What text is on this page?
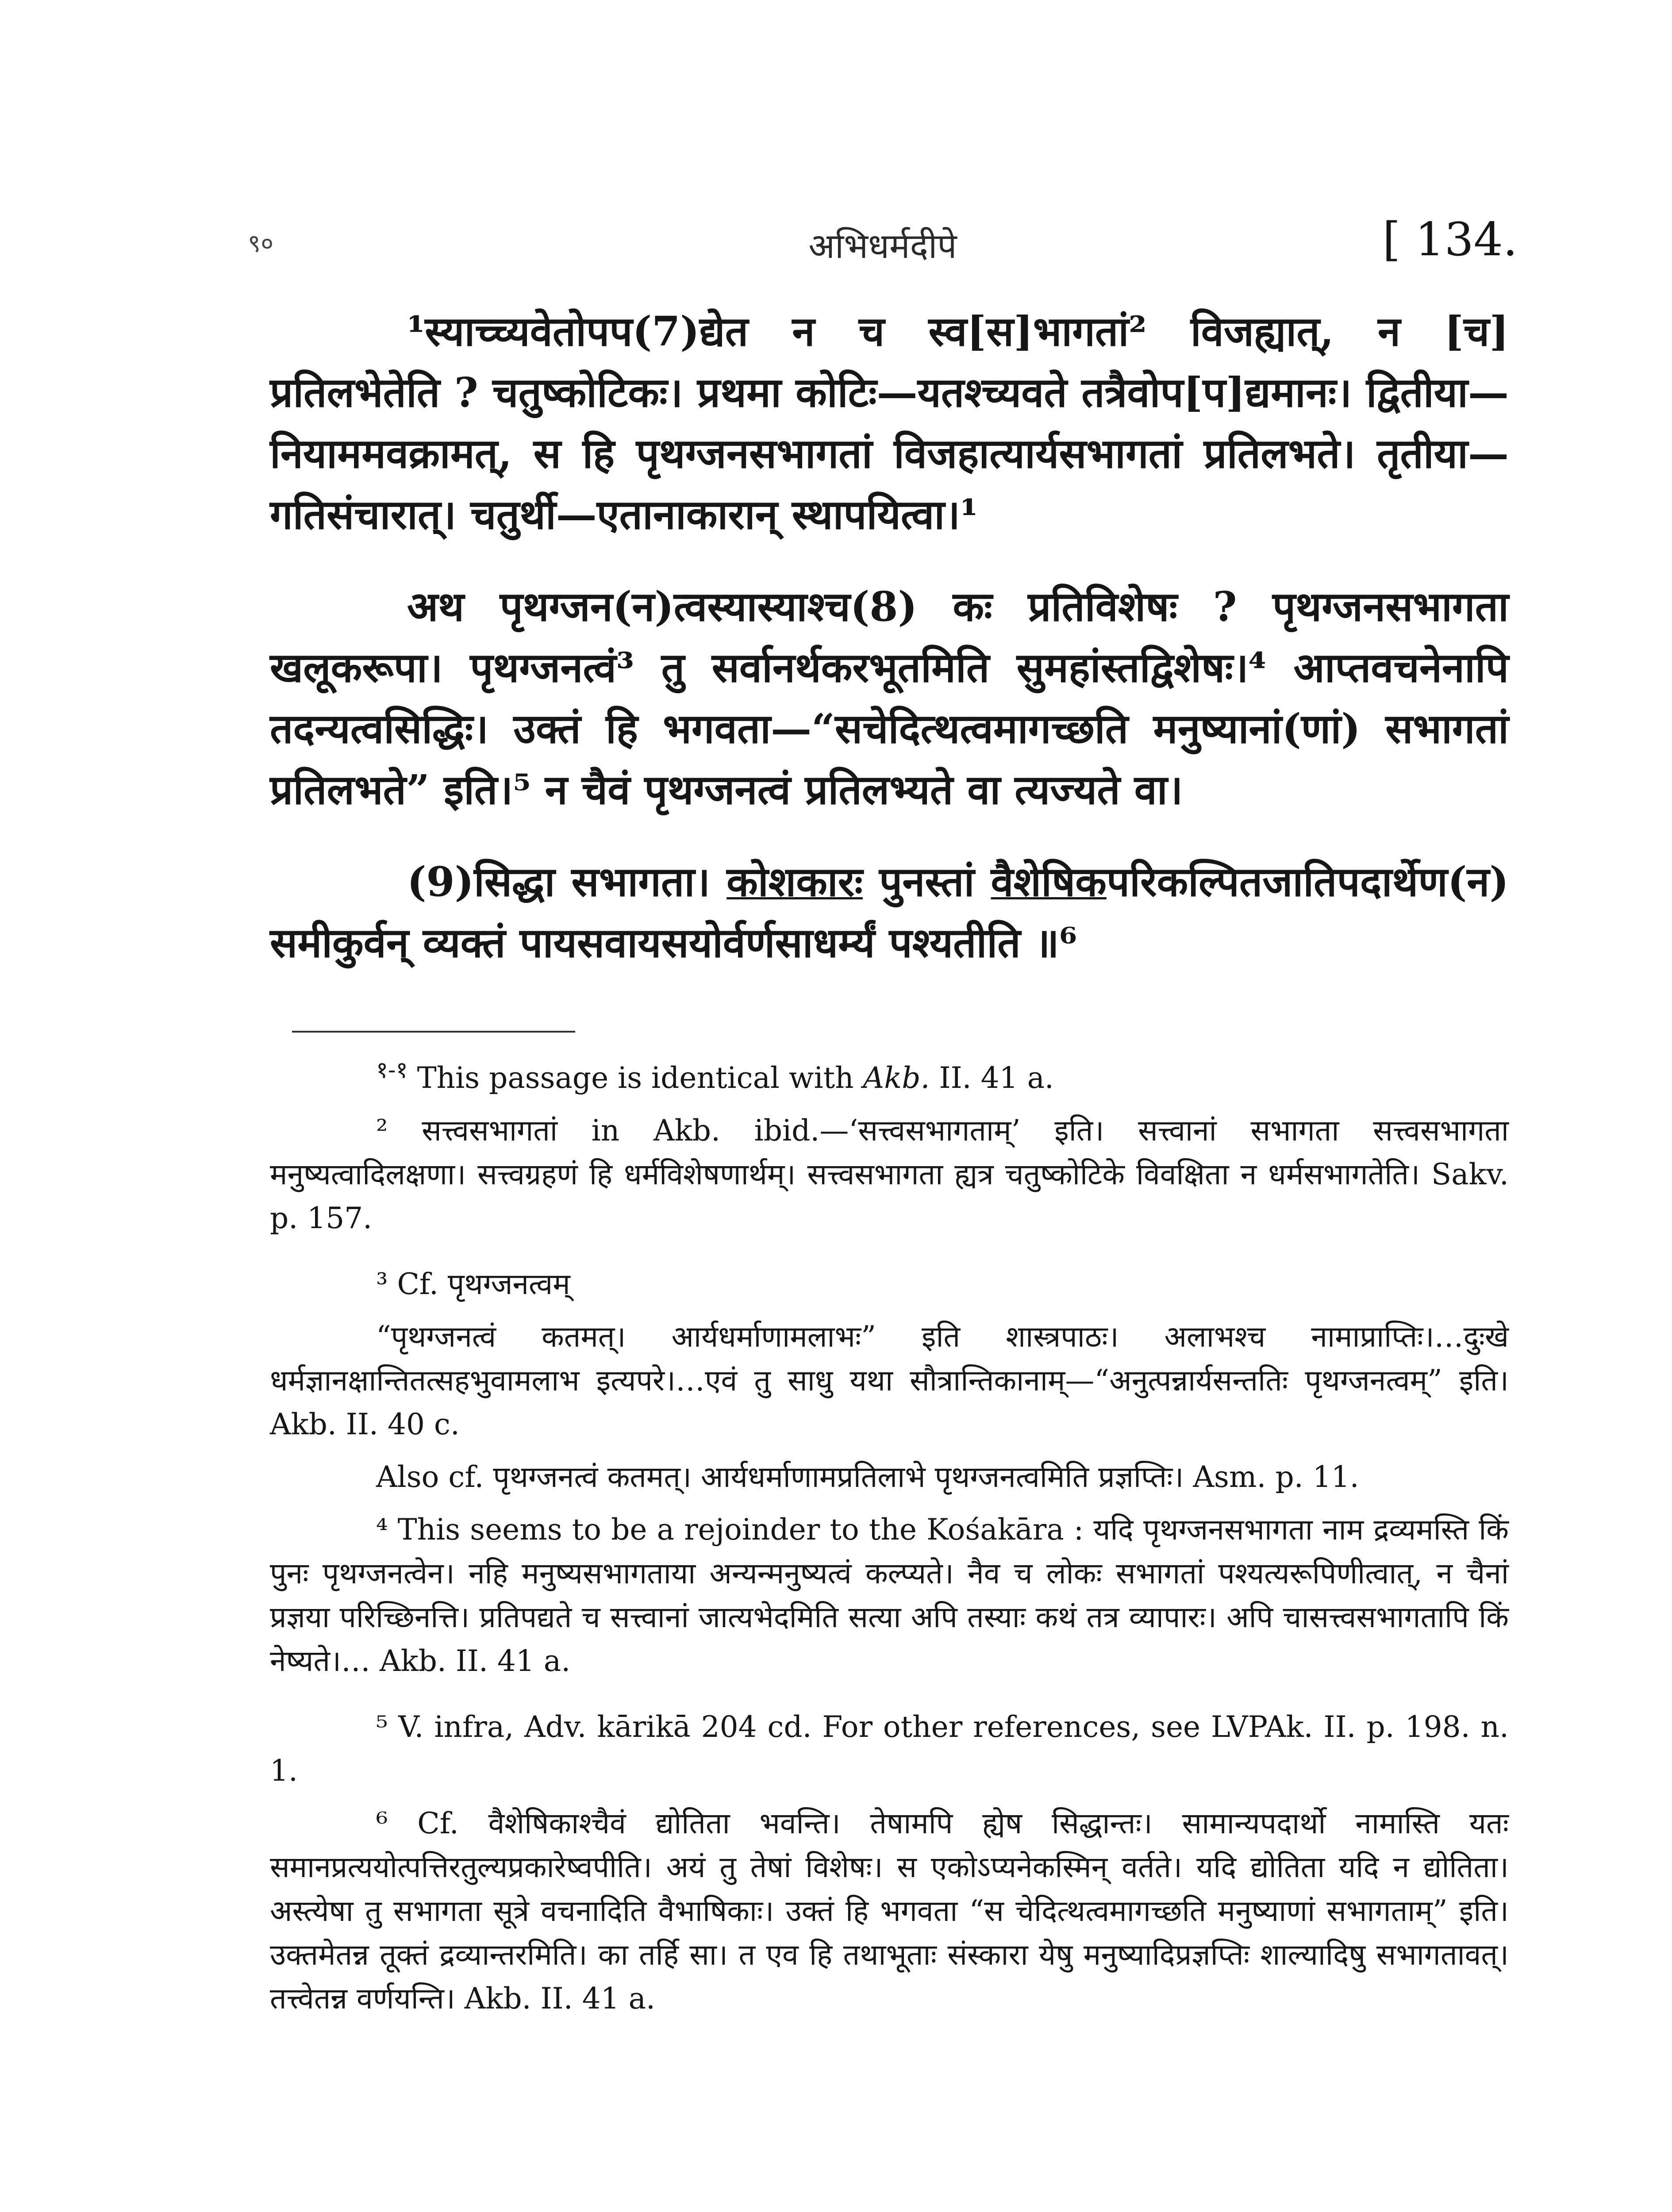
९०	अभिधर्मदीपे	[ 134.

¹स्याच्च्यवेतोपप(7)द्येत न च स्व[स]भागतां² विजह्यात्, न [च] प्रतिलभेतेति ? चतुष्कोटिकः। प्रथमा कोटिः—यतश्च्यवते तत्रैवोप[प]द्यमानः। द्वितीया—नियाममवक्रामत्, स हि पृथग्जनसभागतां विजहात्यार्यसभागतां प्रतिलभते। तृतीया—गतिसंचारात्। चतुर्थी—एतानाकारान् स्थापयित्वा।¹

अथ पृथग्जन(न)त्वस्यास्याश्च(8) कः प्रतिविशेषः ? पृथग्जनसभागता खलूकरूपा। पृथग्जनत्वं³ तु सर्वानर्थकरभूतमिति सुमहांस्तद्विशेषः।⁴ आप्तवचनेनापि तदन्यत्वसिद्धिः। उक्तं हि भगवता—“सचेदित्थत्वमागच्छति मनुष्यानां(णां) सभागतां प्रतिलभते” इति।⁵ न चैवं पृथग्जनत्वं प्रतिलभ्यते वा त्यज्यते वा।

(9)सिद्धा सभागता। कोशकारः पुनस्तां वैशेषिकपरिकल्पितजातिपदार्थेण(न) समीकुर्वन् व्यक्तं पायसवायसयोर्वर्णसाधर्म्यं पश्यतीति ॥⁶

$^{१-१}$ This passage is identical with Akb. II. 41 a.

² सत्त्वसभागतां in Akb. ibid.—‘सत्त्वसभागताम्’ इति। सत्त्वानां सभागता सत्त्वसभागता मनुष्यत्वादिलक्षणा। सत्त्वग्रहणं हि धर्मविशेषणार्थम्। सत्त्वसभागता ह्यत्र चतुष्कोटिके विवक्षिता न धर्मसभागतेति। Sakv. p. 157.

³ Cf. पृथग्जनत्वम्

“पृथग्जनत्वं कतमत्। आर्यधर्माणामलाभः” इति शास्त्रपाठः। अलाभश्च नामाप्राप्तिः।…दुःखे धर्मज्ञानक्षान्तितत्सहभुवामलाभ इत्यपरे।…एवं तु साधु यथा सौत्रान्तिकानाम्—“अनुत्पन्नार्यसन्ततिः पृथग्जनत्वम्” इति। Akb. II. 40 c.

Also cf. पृथग्जनत्वं कतमत्। आर्यधर्माणामप्रतिलाभे पृथग्जनत्वमिति प्रज्ञप्तिः। Asm. p. 11.

⁴ This seems to be a rejoinder to the Kośakāra : यदि पृथग्जनसभागता नाम द्रव्यमस्ति किं पुनः पृथग्जनत्वेन। नहि मनुष्यसभागताया अन्यन्मनुष्यत्वं कल्प्यते। नैव च लोकः सभागतां पश्यत्यरूपिणीत्वात्, न चैनां प्रज्ञया परिच्छिनत्ति। प्रतिपद्यते च सत्त्वानां जात्यभेदमिति सत्या अपि तस्याः कथं तत्र व्यापारः। अपि चासत्त्वसभागतापि किं नेष्यते।… Akb. II. 41 a.

⁵ V. infra, Adv. kārikā 204 cd. For other references, see LVPAk. II. p. 198. n. 1.

⁶ Cf. वैशेषिकाश्चैवं द्योतिता भवन्ति। तेषामपि ह्येष सिद्धान्तः। सामान्यपदार्थो नामास्ति यतः समानप्रत्ययोत्पत्तिरतुल्यप्रकारेष्वपीति। अयं तु तेषां विशेषः। स एकोऽप्यनेकस्मिन् वर्तते। यदि द्योतिता यदि न द्योतिता। अस्त्येषा तु सभागता सूत्रे वचनादिति वैभाषिकाः। उक्तं हि भगवता “स चेदित्थत्वमागच्छति मनुष्याणां सभागताम्” इति। उक्तमेतन्न तूक्तं द्रव्यान्तरमिति। का तर्हि सा। त एव हि तथाभूताः संस्कारा येषु मनुष्यादिप्रज्ञप्तिः शाल्यादिषु सभागतावत्। तत्त्वेतन्न वर्णयन्ति। Akb. II. 41 a.
